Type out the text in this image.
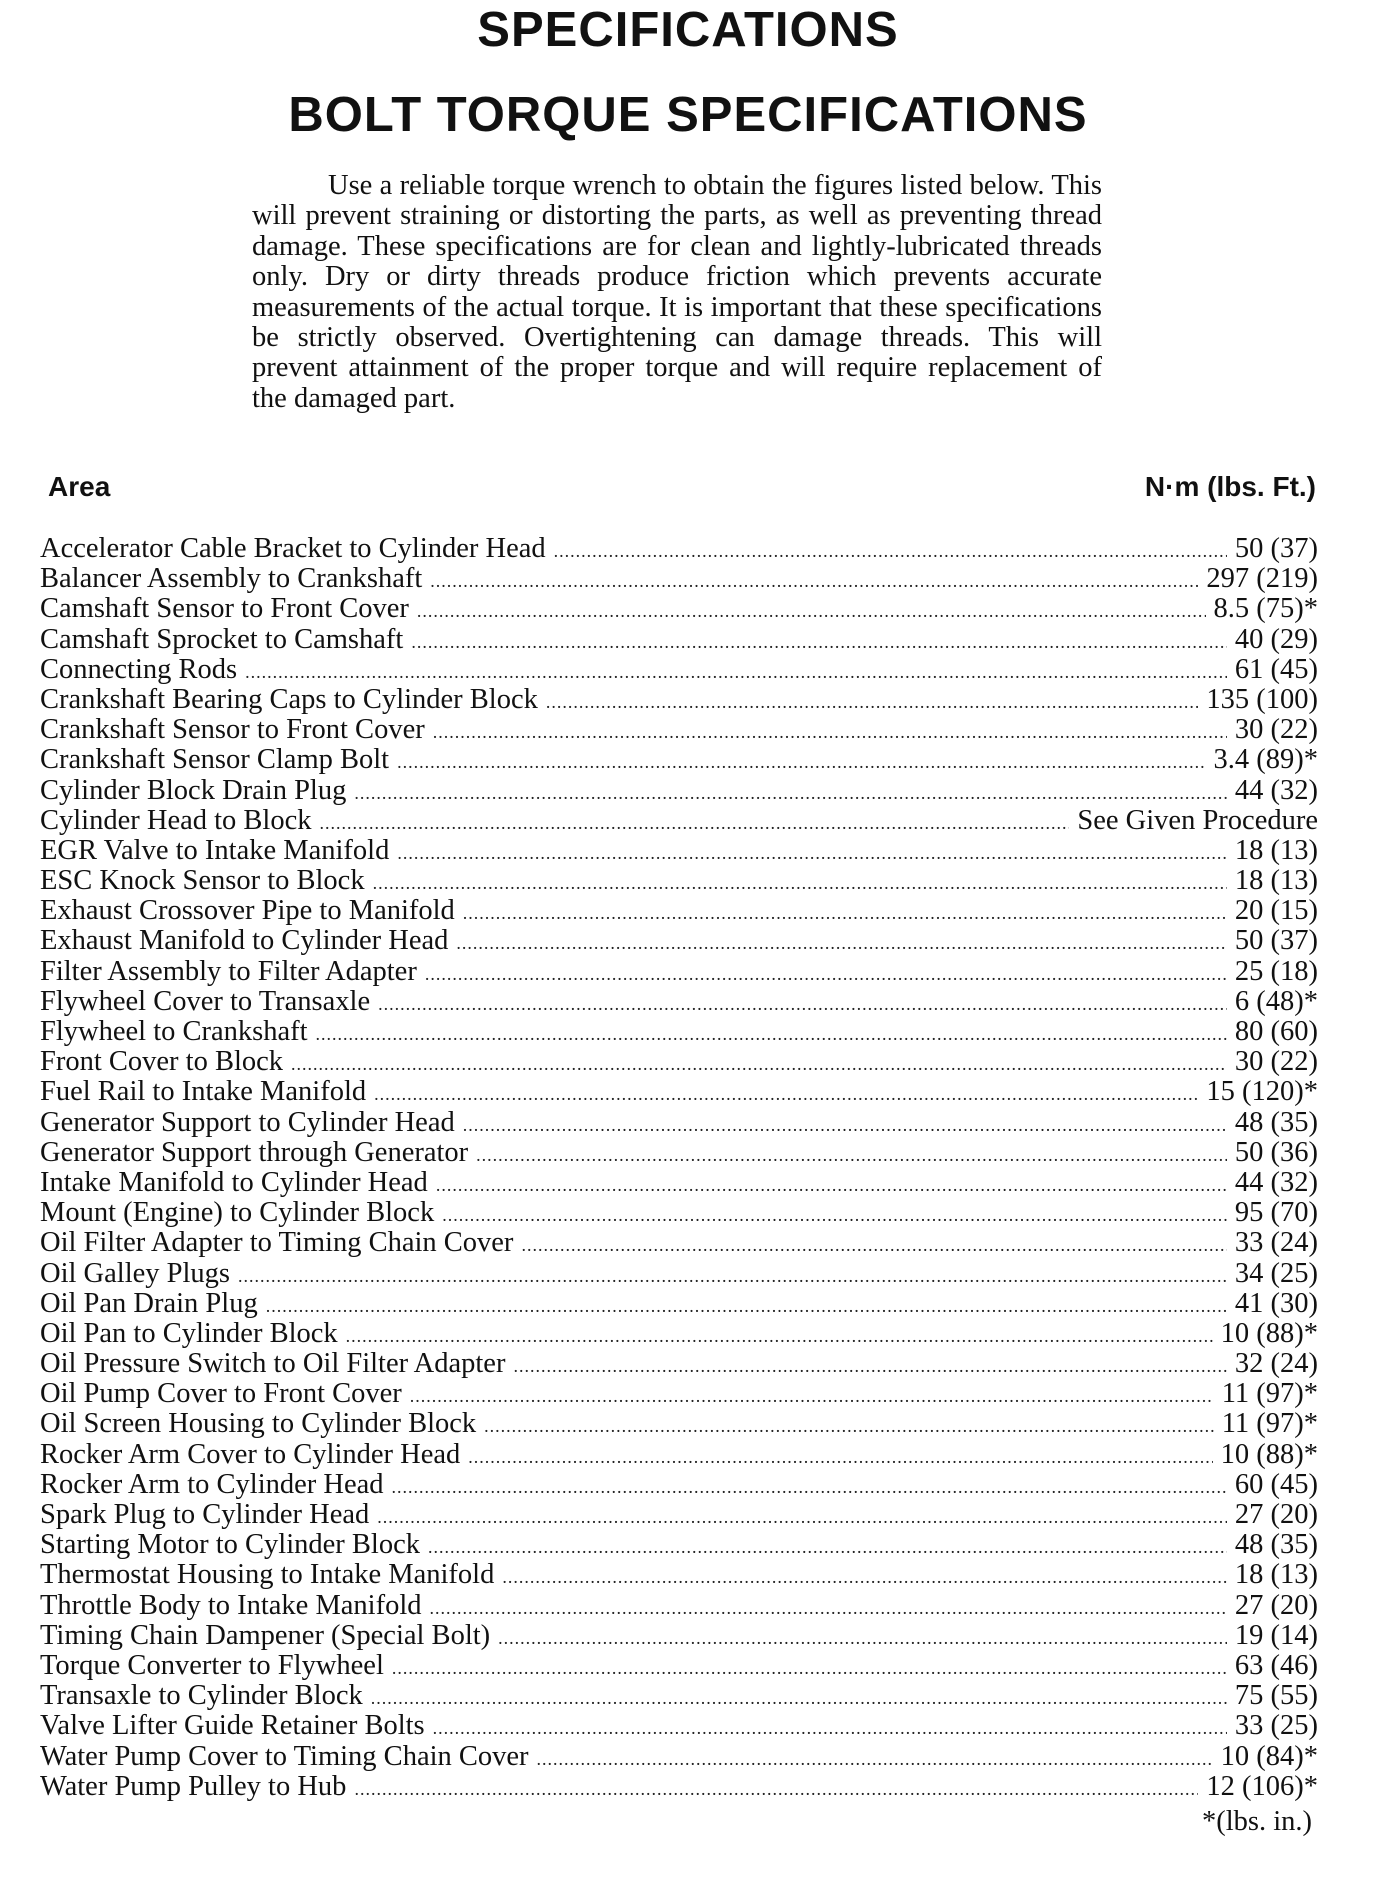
SPECIFICATIONS
BOLT TORQUE SPECIFICATIONS

Use a reliable torque wrench to obtain the figures listed below. This will prevent straining or distorting the parts, as well as preventing thread damage. These specifications are for clean and lightly-lubricated threads only. Dry or dirty threads produce friction which prevents accurate measurements of the actual torque. It is important that these specifications be strictly observed. Overtightening can damage threads. This will prevent attainment of the proper torque and will require replacement of the damaged part.

Area	N·m (lbs. Ft.)
Accelerator Cable Bracket to Cylinder Head .....	50 (37)
Balancer Assembly to Crankshaft .....	297 (219)
Camshaft Sensor to Front Cover .....	8.5 (75)*
Camshaft Sprocket to Camshaft .....	40 (29)
Connecting Rods .....	61 (45)
Crankshaft Bearing Caps to Cylinder Block .....	135 (100)
Crankshaft Sensor to Front Cover .....	30 (22)
Crankshaft Sensor Clamp Bolt .....	3.4 (89)*
Cylinder Block Drain Plug .....	44 (32)
Cylinder Head to Block .....	See Given Procedure
EGR Valve to Intake Manifold .....	18 (13)
ESC Knock Sensor to Block .....	18 (13)
Exhaust Crossover Pipe to Manifold .....	20 (15)
Exhaust Manifold to Cylinder Head .....	50 (37)
Filter Assembly to Filter Adapter .....	25 (18)
Flywheel Cover to Transaxle .....	6 (48)*
Flywheel to Crankshaft .....	80 (60)
Front Cover to Block .....	30 (22)
Fuel Rail to Intake Manifold .....	15 (120)*
Generator Support to Cylinder Head .....	48 (35)
Generator Support through Generator .....	50 (36)
Intake Manifold to Cylinder Head .....	44 (32)
Mount (Engine) to Cylinder Block .....	95 (70)
Oil Filter Adapter to Timing Chain Cover .....	33 (24)
Oil Galley Plugs .....	34 (25)
Oil Pan Drain Plug .....	41 (30)
Oil Pan to Cylinder Block .....	10 (88)*
Oil Pressure Switch to Oil Filter Adapter .....	32 (24)
Oil Pump Cover to Front Cover .....	11 (97)*
Oil Screen Housing to Cylinder Block .....	11 (97)*
Rocker Arm Cover to Cylinder Head .....	10 (88)*
Rocker Arm to Cylinder Head .....	60 (45)
Spark Plug to Cylinder Head .....	27 (20)
Starting Motor to Cylinder Block .....	48 (35)
Thermostat Housing to Intake Manifold .....	18 (13)
Throttle Body to Intake Manifold .....	27 (20)
Timing Chain Dampener (Special Bolt) .....	19 (14)
Torque Converter to Flywheel .....	63 (46)
Transaxle to Cylinder Block .....	75 (55)
Valve Lifter Guide Retainer Bolts .....	33 (25)
Water Pump Cover to Timing Chain Cover .....	10 (84)*
Water Pump Pulley to Hub .....	12 (106)*
*(lbs. in.)
